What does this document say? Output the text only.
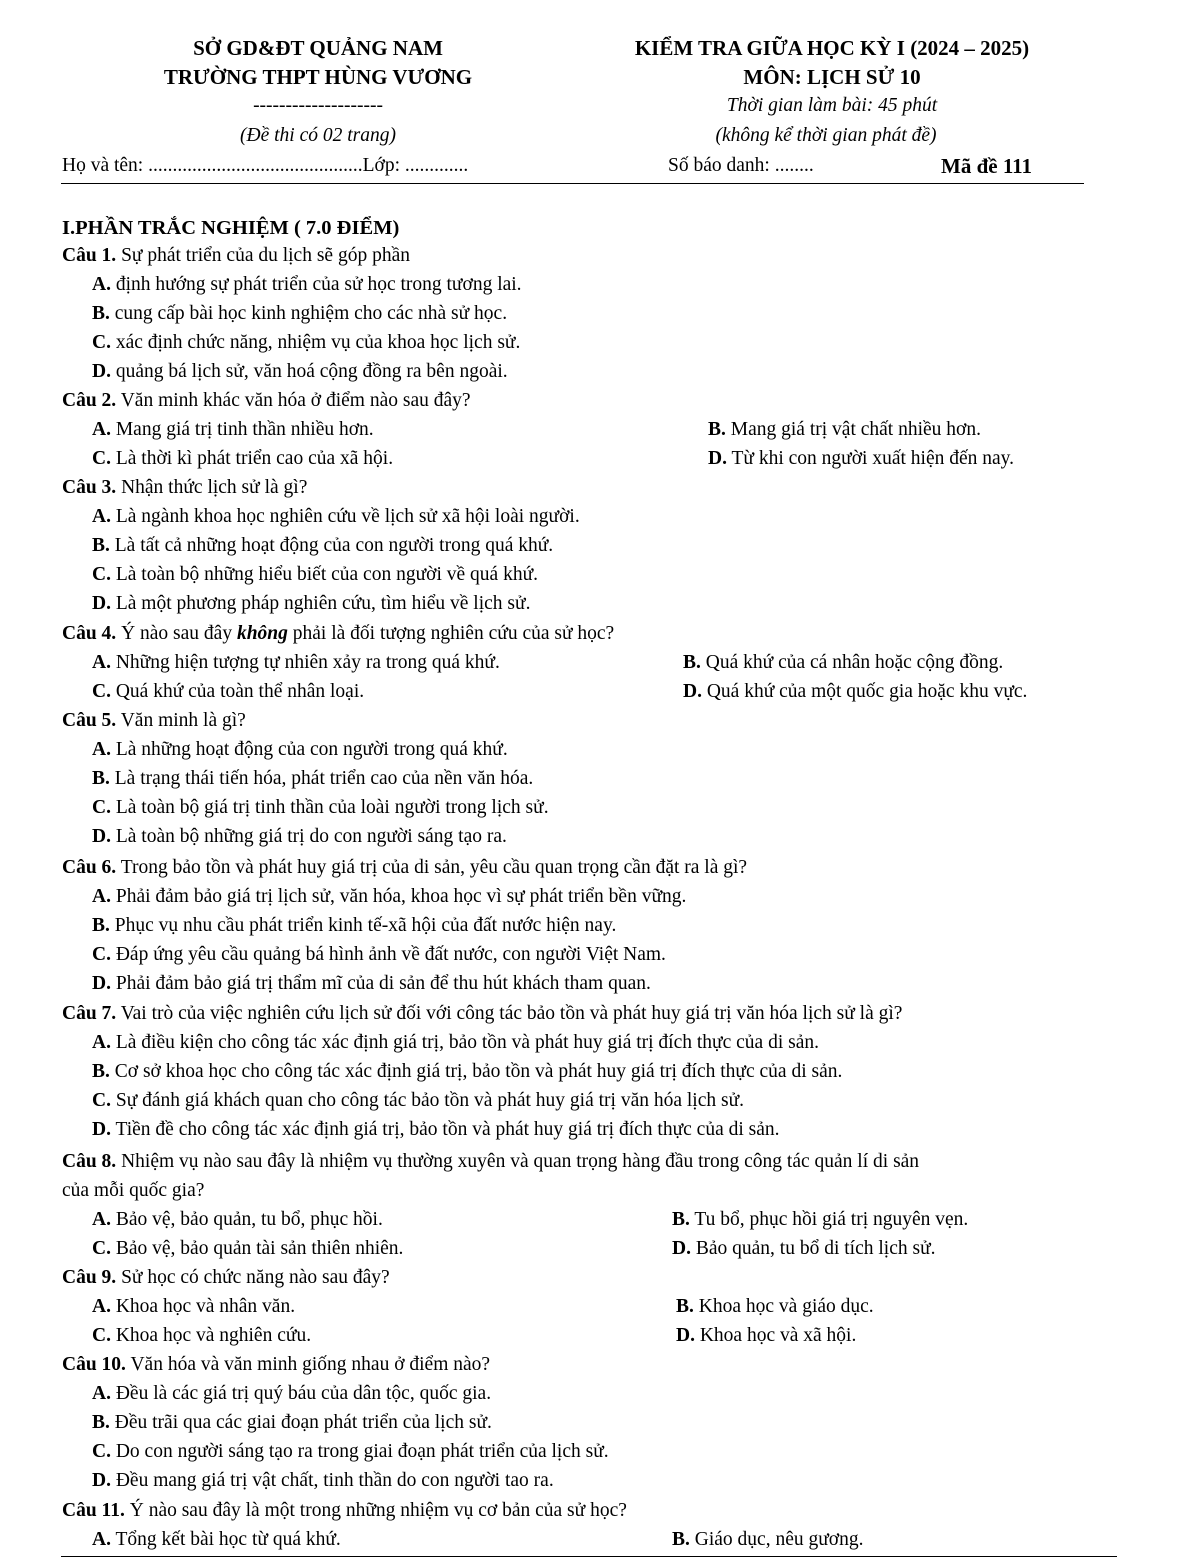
SỞ GD&ĐT QUẢNG NAM
TRƯỜNG THPT HÙNG VƯƠNG
--------------------
(Đề thi có 02 trang)
KIỂM TRA GIỮA HỌC KỲ I (2024 – 2025)
MÔN: LỊCH SỬ 10
Thời gian làm bài: 45 phút
(không kể thời gian phát đề)
Họ và tên: ............................................Lớp: .............	Số báo danh: ........	Mã đề 111
I.PHẦN TRẮC NGHIỆM ( 7.0 ĐIỂM)
Câu 1. Sự phát triển của du lịch sẽ góp phần
A. định hướng sự phát triển của sử học trong tương lai.
B. cung cấp bài học kinh nghiệm cho các nhà sử học.
C. xác định chức năng, nhiệm vụ của khoa học lịch sử.
D. quảng bá lịch sử, văn hoá cộng đồng ra bên ngoài.
Câu 2. Văn minh khác văn hóa ở điểm nào sau đây?
A. Mang giá trị tinh thần nhiều hơn.	B. Mang giá trị vật chất nhiều hơn.
C. Là thời kì phát triển cao của xã hội.	D. Từ khi con người xuất hiện đến nay.
Câu 3. Nhận thức lịch sử là gì?
A. Là ngành khoa học nghiên cứu về lịch sử xã hội loài người.
B. Là tất cả những hoạt động của con người trong quá khứ.
C. Là toàn bộ những hiểu biết của con người về quá khứ.
D. Là một phương pháp nghiên cứu, tìm hiểu về lịch sử.
Câu 4. Ý nào sau đây không phải là đối tượng nghiên cứu của sử học?
A. Những hiện tượng tự nhiên xảy ra trong quá khứ.	B. Quá khứ của cá nhân hoặc cộng đồng.
C. Quá khứ của toàn thể nhân loại.	D. Quá khứ của một quốc gia hoặc khu vực.
Câu 5. Văn minh là gì?
A. Là những hoạt động của con người trong quá khứ.
B. Là trạng thái tiến hóa, phát triển cao của nền văn hóa.
C. Là toàn bộ giá trị tinh thần của loài người trong lịch sử.
D. Là toàn bộ những giá trị do con người sáng tạo ra.
Câu 6. Trong bảo tồn và phát huy giá trị của di sản, yêu cầu quan trọng cần đặt ra là gì?
A. Phải đảm bảo giá trị lịch sử, văn hóa, khoa học vì sự phát triển bền vững.
B. Phục vụ nhu cầu phát triển kinh tế-xã hội của đất nước hiện nay.
C. Đáp ứng yêu cầu quảng bá hình ảnh về đất nước, con người Việt Nam.
D. Phải đảm bảo giá trị thẩm mĩ của di sản để thu hút khách tham quan.
Câu 7. Vai trò của việc nghiên cứu lịch sử đối với công tác bảo tồn và phát huy giá trị văn hóa lịch sử là gì?
A. Là điều kiện cho công tác xác định giá trị, bảo tồn và phát huy giá trị đích thực của di sản.
B. Cơ sở khoa học cho công tác xác định giá trị, bảo tồn và phát huy giá trị đích thực của di sản.
C. Sự đánh giá khách quan cho công tác bảo tồn và phát huy giá trị văn hóa lịch sử.
D. Tiền đề cho công tác xác định giá trị, bảo tồn và phát huy giá trị đích thực của di sản.
Câu 8. Nhiệm vụ nào sau đây là nhiệm vụ thường xuyên và quan trọng hàng đầu trong công tác quản lí di sản
của mỗi quốc gia?
A. Bảo vệ, bảo quản, tu bổ, phục hồi.	B. Tu bổ, phục hồi giá trị nguyên vẹn.
C. Bảo vệ, bảo quản tài sản thiên nhiên.	D. Bảo quản, tu bổ di tích lịch sử.
Câu 9. Sử học có chức năng nào sau đây?
A. Khoa học và nhân văn.	B. Khoa học và giáo dục.
C. Khoa học và nghiên cứu.	D. Khoa học và xã hội.
Câu 10. Văn hóa và văn minh giống nhau ở điểm nào?
A. Đều là các giá trị quý báu của dân tộc, quốc gia.
B. Đều trãi qua các giai đoạn phát triển của lịch sử.
C. Do con người sáng tạo ra trong giai đoạn phát triển của lịch sử.
D. Đều mang giá trị vật chất, tinh thần do con người tao ra.
Câu 11. Ý nào sau đây là một trong những nhiệm vụ cơ bản của sử học?
A. Tổng kết bài học từ quá khứ.	B. Giáo dục, nêu gương.
